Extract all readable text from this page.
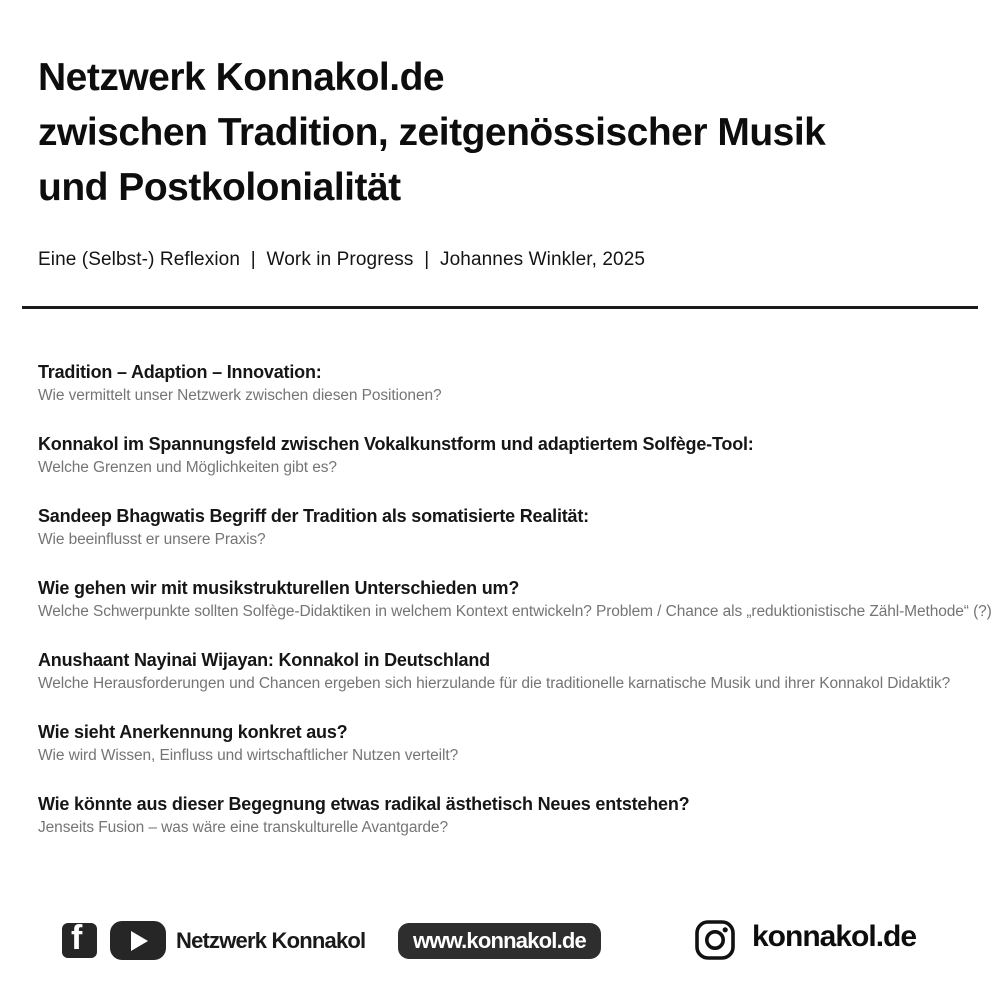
Netzwerk Konnakol.de
zwischen Tradition, zeitgenössischer Musik
und Postkolonialität
Eine (Selbst-) Reflexion  |  Work in Progress  |  Johannes Winkler, 2025
Tradition – Adaption – Innovation:
Wie vermittelt unser Netzwerk zwischen diesen Positionen?
Konnakol im Spannungsfeld zwischen Vokalkunstform und adaptiertem Solfège-Tool:
Welche Grenzen und Möglichkeiten gibt es?
Sandeep Bhagwatis Begriff der Tradition als somatisierte Realität:
Wie beeinflusst er unsere Praxis?
Wie gehen wir mit musikstrukturellen Unterschieden um?
Welche Schwerpunkte sollten Solfège-Didaktiken in welchem Kontext entwickeln? Problem / Chance als „reduktionistische Zähl-Methode“ (?)
Anushaant Nayinai Wijayan: Konnakol in Deutschland
Welche Herausforderungen und Chancen ergeben sich hierzulande für die traditionelle karnatische Musik und ihrer Konnakol Didaktik?
Wie sieht Anerkennung konkret aus?
Wie wird Wissen, Einfluss und wirtschaftlicher Nutzen verteilt?
Wie könnte aus dieser Begegnung etwas radikal ästhetisch Neues entstehen?
Jenseits Fusion – was wäre eine transkulturelle Avantgarde?
f	Netzwerk Konnakol www.konnakol.de	konnakol.de
